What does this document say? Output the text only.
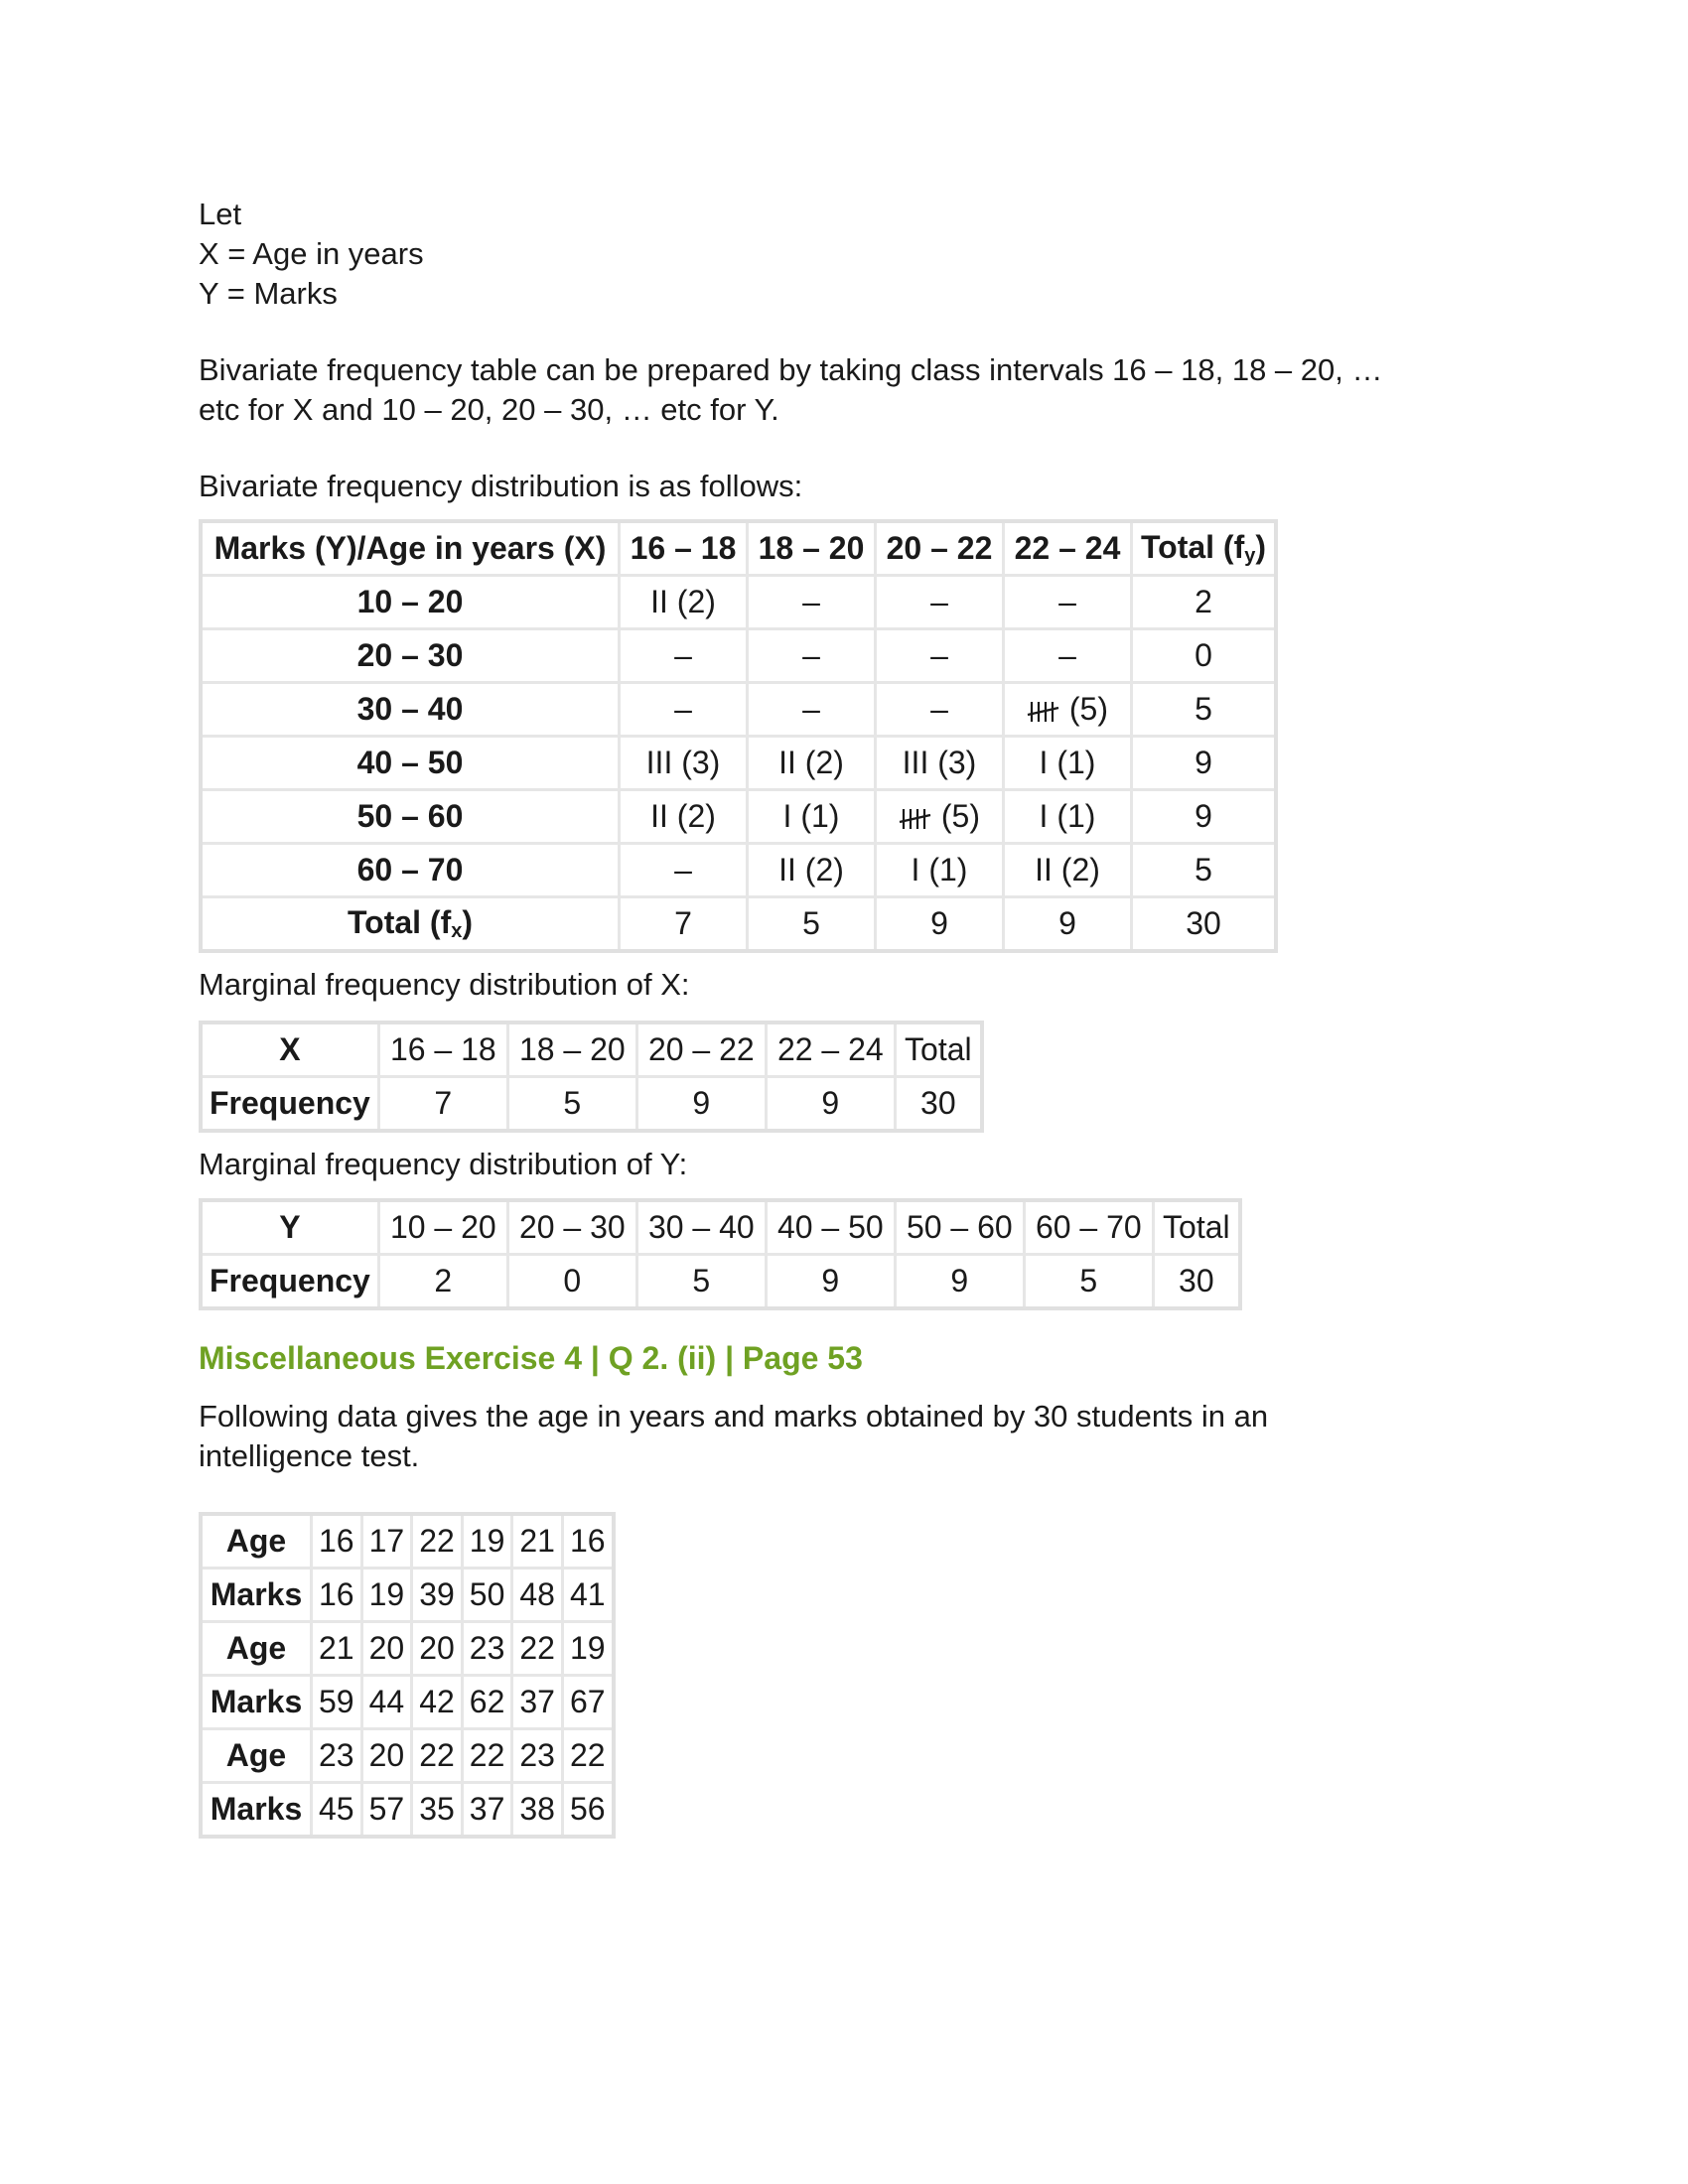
Let

X = Age in years

Y = Marks

Bivariate frequency table can be prepared by taking class intervals 16 – 18, 18 – 20, …

etc for X and 10 – 20, 20 – 30, … etc for Y.

Bivariate frequency distribution is as follows:

Marks (Y)/Age in years (X)	16 – 18	18 – 20	20 – 22	22 – 24	Total $(f_y)$
10 – 20	II (2)	–	–	–	2
20 – 30	–	–	–	–	0
30 – 40	–	–	–	(5)	5
40 – 50	III (3)	II (2)	III (3)	I (1)	9
50 – 60	II (2)	I (1)	(5)	I (1)	9
60 – 70	–	II (2)	I (1)	II (2)	5
Total $(f_x)$	7	5	9	9	30

Marginal frequency distribution of X:

X	16 – 18	18 – 20	20 – 22	22 – 24	Total
Frequency	7	5	9	9	30

Marginal frequency distribution of Y:

Y	10 – 20	20 – 30	30 – 40	40 – 50	50 – 60	60 – 70	Total
Frequency	2	0	5	9	9	5	30

Miscellaneous Exercise 4 | Q 2. (ii) | Page 53

Following data gives the age in years and marks obtained by 30 students in an

intelligence test.

Age	16	17	22	19	21	16
Marks	16	19	39	50	48	41
Age	21	20	20	23	22	19
Marks	59	44	42	62	37	67
Age	23	20	22	22	23	22
Marks	45	57	35	37	38	56
